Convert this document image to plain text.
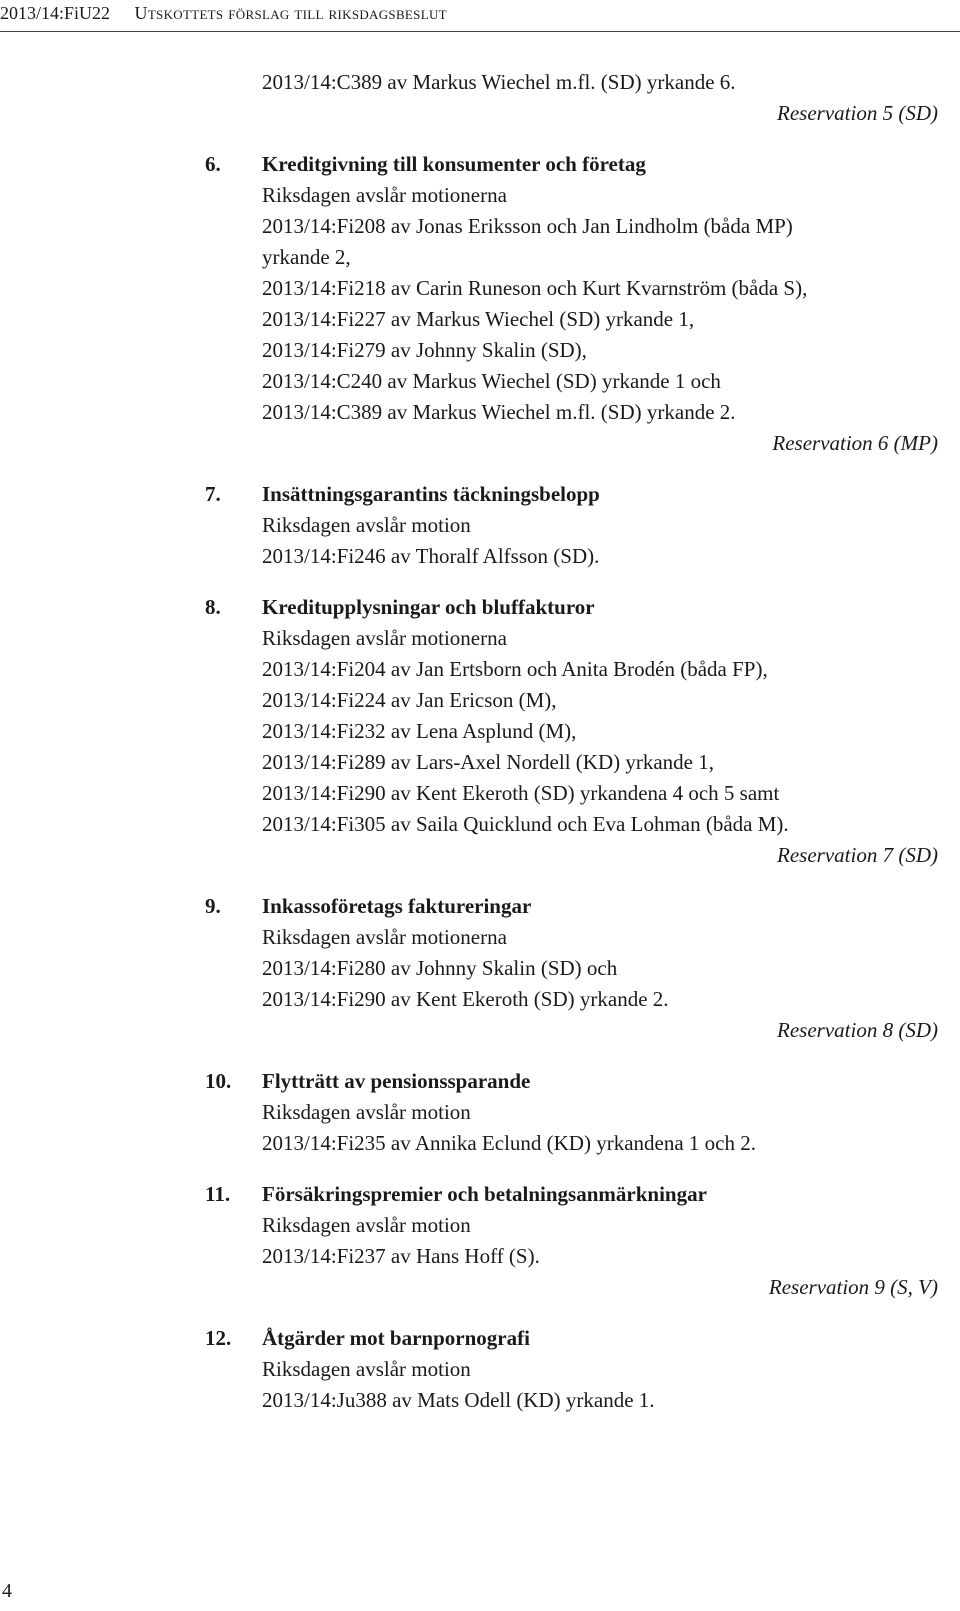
2013/14:FiU22 Utskottets förslag till riksdagsbeslut
2013/14:C389 av Markus Wiechel m.fl. (SD) yrkande 6.
Reservation 5 (SD)
6. Kreditgivning till konsumenter och företag
Riksdagen avslår motionerna
2013/14:Fi208 av Jonas Eriksson och Jan Lindholm (båda MP)
yrkande 2,
2013/14:Fi218 av Carin Runeson och Kurt Kvarnström (båda S),
2013/14:Fi227 av Markus Wiechel (SD) yrkande 1,
2013/14:Fi279 av Johnny Skalin (SD),
2013/14:C240 av Markus Wiechel (SD) yrkande 1 och
2013/14:C389 av Markus Wiechel m.fl. (SD) yrkande 2.
Reservation 6 (MP)
7. Insättningsgarantins täckningsbelopp
Riksdagen avslår motion
2013/14:Fi246 av Thoralf Alfsson (SD).
8. Kreditupplysningar och bluffakturor
Riksdagen avslår motionerna
2013/14:Fi204 av Jan Ertsborn och Anita Brodén (båda FP),
2013/14:Fi224 av Jan Ericson (M),
2013/14:Fi232 av Lena Asplund (M),
2013/14:Fi289 av Lars-Axel Nordell (KD) yrkande 1,
2013/14:Fi290 av Kent Ekeroth (SD) yrkandena 4 och 5 samt
2013/14:Fi305 av Saila Quicklund och Eva Lohman (båda M).
Reservation 7 (SD)
9. Inkassoföretags faktureringar
Riksdagen avslår motionerna
2013/14:Fi280 av Johnny Skalin (SD) och
2013/14:Fi290 av Kent Ekeroth (SD) yrkande 2.
Reservation 8 (SD)
10. Flytträtt av pensionssparande
Riksdagen avslår motion
2013/14:Fi235 av Annika Eclund (KD) yrkandena 1 och 2.
11. Försäkringspremier och betalningsanmärkningar
Riksdagen avslår motion
2013/14:Fi237 av Hans Hoff (S).
Reservation 9 (S, V)
12. Åtgärder mot barnpornografi
Riksdagen avslår motion
2013/14:Ju388 av Mats Odell (KD) yrkande 1.
4
